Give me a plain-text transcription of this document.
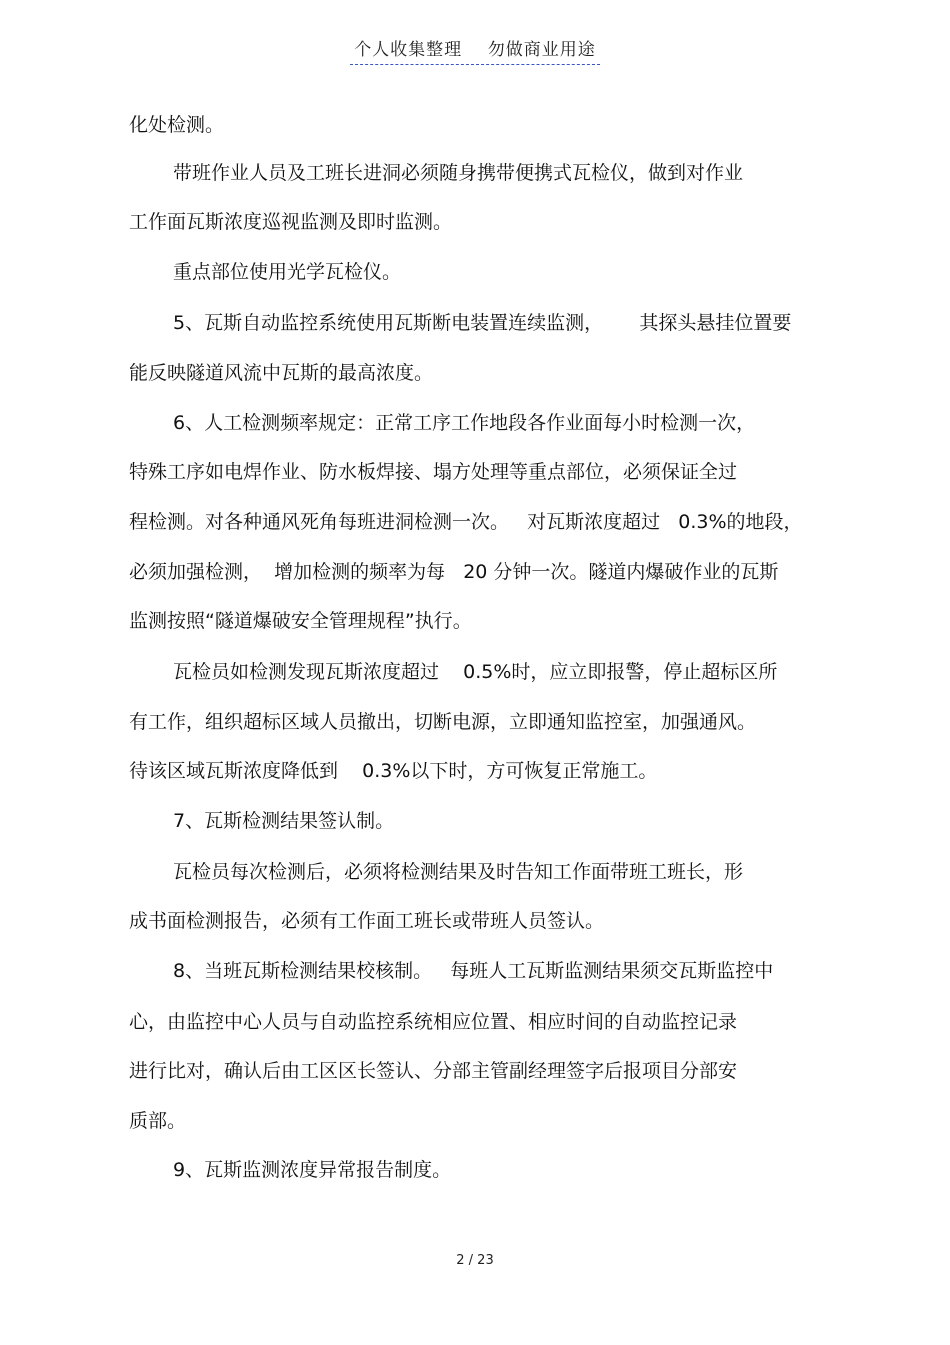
个人收集整理    勿做商业用途

化处检测。

带班作业人员及工班长进洞必须随身携带便携式瓦检仪，做到对作业

工作面瓦斯浓度巡视监测及即时监测。

重点部位使用光学瓦检仪。

5、瓦斯自动监控系统使用瓦斯断电装置连续监测，      其探头悬挂位置要

能反映隧道风流中瓦斯的最高浓度。

6、人工检测频率规定：正常工序工作地段各作业面每小时检测一次，

特殊工序如电焊作业、防水板焊接、塌方处理等重点部位，必须保证全过

程检测。对各种通风死角每班进洞检测一次。   对瓦斯浓度超过   0.3%的地段，

必须加强检测，  增加检测的频率为每   20 分钟一次。隧道内爆破作业的瓦斯

监测按照“隧道爆破安全管理规程”执行。

瓦检员如检测发现瓦斯浓度超过    0.5%时，应立即报警，停止超标区所

有工作，组织超标区域人员撤出，切断电源，立即通知监控室，加强通风。

待该区域瓦斯浓度降低到    0.3%以下时，方可恢复正常施工。

7、瓦斯检测结果签认制。

瓦检员每次检测后，必须将检测结果及时告知工作面带班工班长，形

成书面检测报告，必须有工作面工班长或带班人员签认。

8、当班瓦斯检测结果校核制。   每班人工瓦斯监测结果须交瓦斯监控中

心，由监控中心人员与自动监控系统相应位置、相应时间的自动监控记录

进行比对，确认后由工区区长签认、分部主管副经理签字后报项目分部安

质部。

9、瓦斯监测浓度异常报告制度。

2 / 23
